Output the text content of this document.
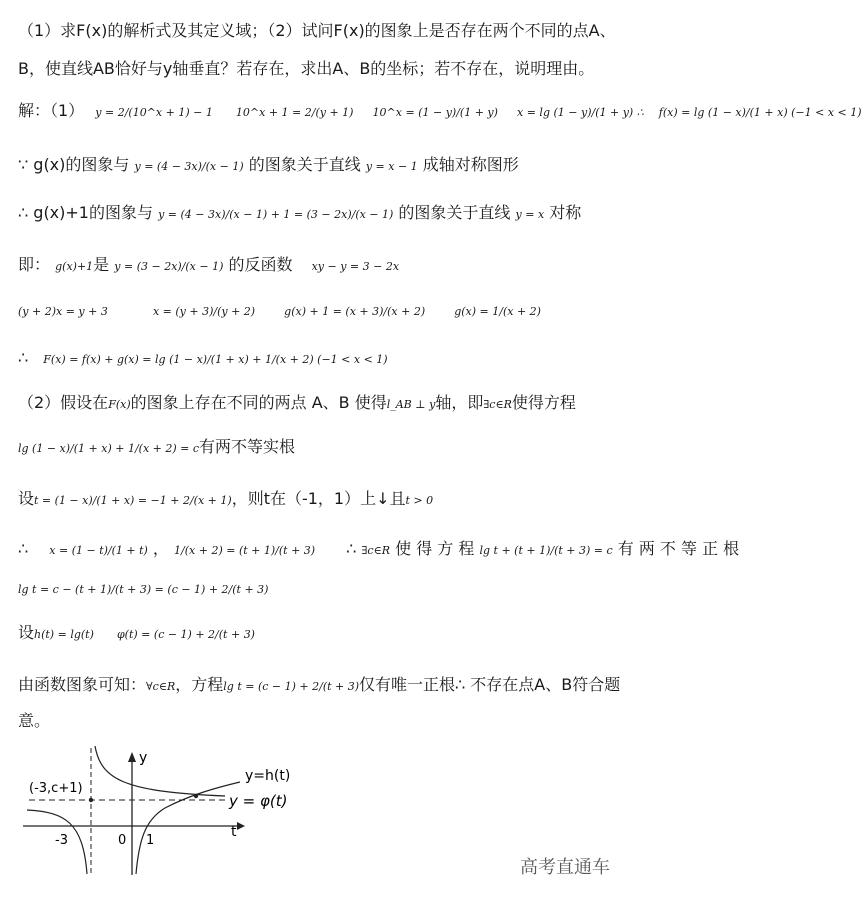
（1）求F(x)的解析式及其定义域；（2）试问F(x)的图象上是否存在两个不同的点A、
B，使直线AB恰好与y轴垂直？若存在，求出A、B的坐标；若不存在，说明理由。
解：（1） y = 2/(10^x + 1) − 1 10^x + 1 = 2/(y + 1) 10^x = (1 − y)/(1 + y) x = lg (1 − y)/(1 + y) ∴ f(x) = lg (1 − x)/(1 + x) (−1 < x < 1)
∵ g(x)的图象与 y = (4 − 3x)/(x − 1) 的图象关于直线 y = x − 1 成轴对称图形
∴ g(x)+1的图象与 y = (4 − 3x)/(x − 1) + 1 = (3 − 2x)/(x − 1) 的图象关于直线 y = x 对称
即： g(x)+1是 y = (3 − 2x)/(x − 1) 的反函数 xy − y = 3 − 2x
(y + 2)x = y + 3	x = (y + 3)/(y + 2)	g(x) + 1 = (x + 3)/(x + 2)	g(x) = 1/(x + 2)
∴ F(x) = f(x) + g(x) = lg (1 − x)/(1 + x) + 1/(x + 2) (−1 < x < 1)
（2）假设在F(x)的图象上存在不同的两点 A、B 使得l_AB ⊥ y轴，即∃c∈R使得方程
lg (1 − x)/(1 + x) + 1/(x + 2) = c有两不等实根
设t = (1 − x)/(1 + x) = −1 + 2/(x + 1)，则t在（-1，1）上↓且t > 0
∴ x = (1 − t)/(1 + t) ， 1/(x + 2) = (t + 1)/(t + 3) ∴ ∃c∈R 使 得 方 程 lg t + (t + 1)/(t + 3) = c 有 两 不 等 正 根
lg t = c − (t + 1)/(t + 3) = (c − 1) + 2/(t + 3)
设h(t) = lg(t) φ(t) = (c − 1) + 2/(t + 3)
由函数图象可知：∀c∈R，方程lg t = (c − 1) + 2/(t + 3)仅有唯一正根∴ 不存在点A、B符合题
意。
t
y
(-3,c+1)
y=h(t)
y = φ(t)
-3	0 1
高考直通车
